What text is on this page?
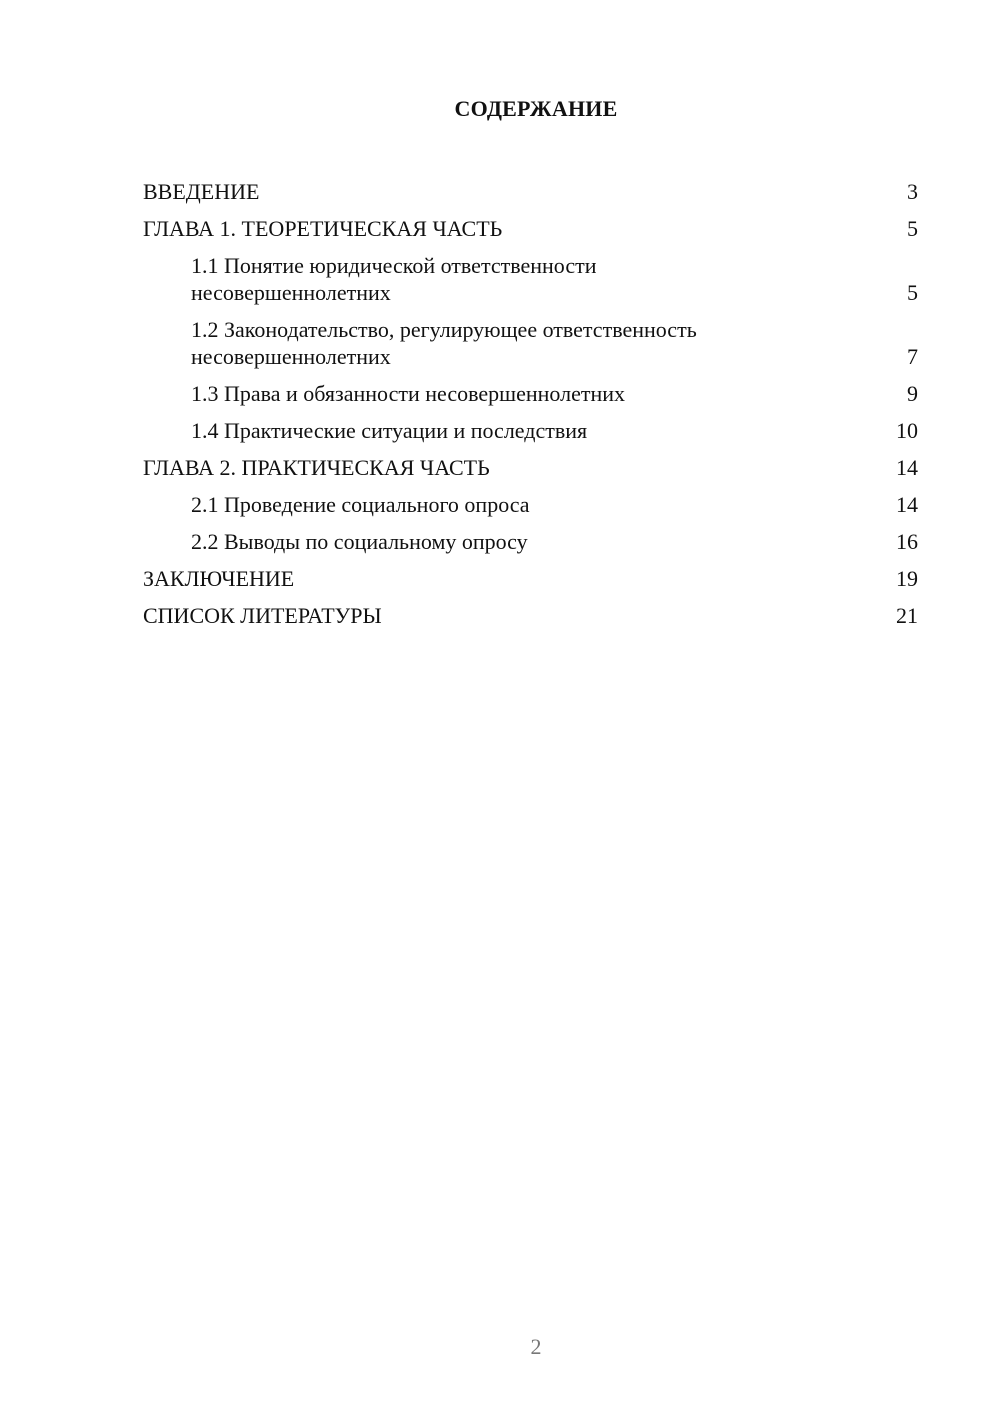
СОДЕРЖАНИЕ
ВВЕДЕНИЕ	3
ГЛАВА 1. ТЕОРЕТИЧЕСКАЯ ЧАСТЬ	5
1.1 Понятие юридической ответственности
несовершеннолетних	5
1.2 Законодательство, регулирующее ответственность
несовершеннолетних	7
1.3 Права и обязанности несовершеннолетних	9
1.4 Практические ситуации и последствия	10
ГЛАВА 2. ПРАКТИЧЕСКАЯ ЧАСТЬ	14
2.1 Проведение социального опроса	14
2.2 Выводы по социальному опросу	16
ЗАКЛЮЧЕНИЕ	19
СПИСОК ЛИТЕРАТУРЫ	21
2
